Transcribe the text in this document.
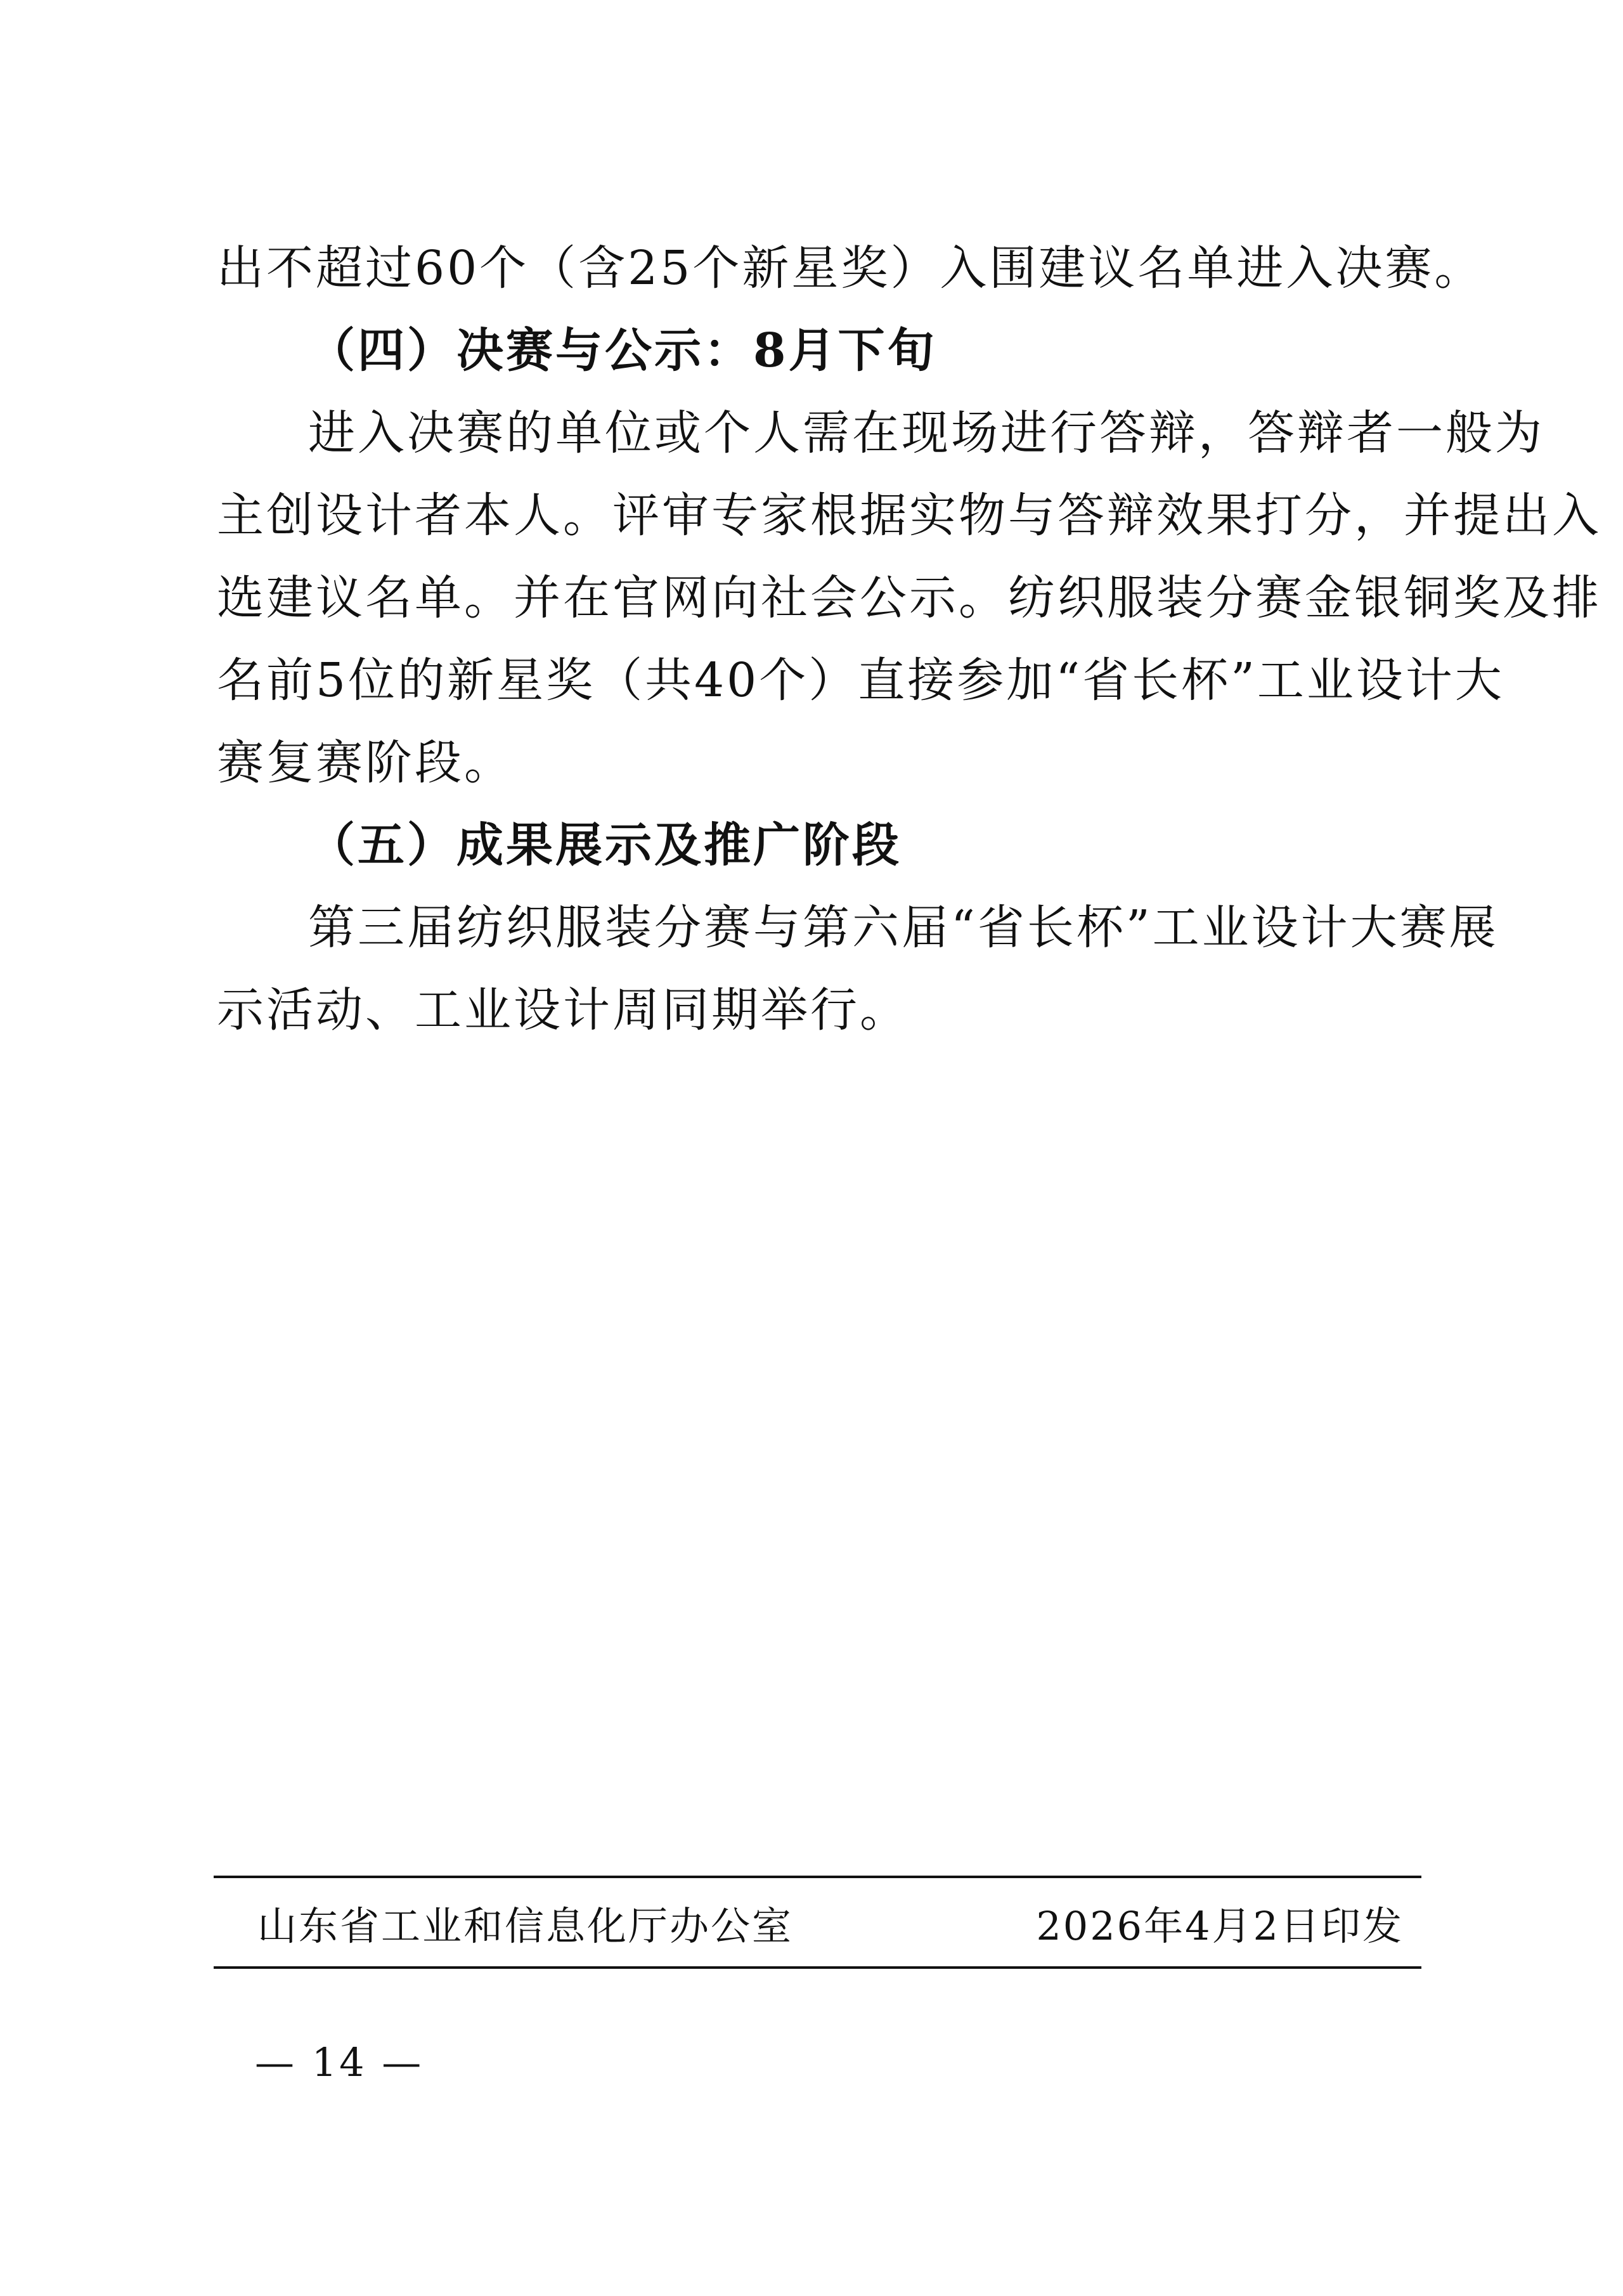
出不超过60个（含25个新星奖）入围建议名单进入决赛。
（四）决赛与公示：8月下旬
进入决赛的单位或个人需在现场进行答辩，答辩者一般为
主创设计者本人。评审专家根据实物与答辩效果打分，并提出入
选建议名单。并在官网向社会公示。纺织服装分赛金银铜奖及排
名前5位的新星奖（共40个）直接参加“省长杯”工业设计大
赛复赛阶段。
（五）成果展示及推广阶段
第三届纺织服装分赛与第六届“省长杯”工业设计大赛展
示活动、工业设计周同期举行。
山东省工业和信息化厅办公室	2026年4月2日印发
— 14 —
